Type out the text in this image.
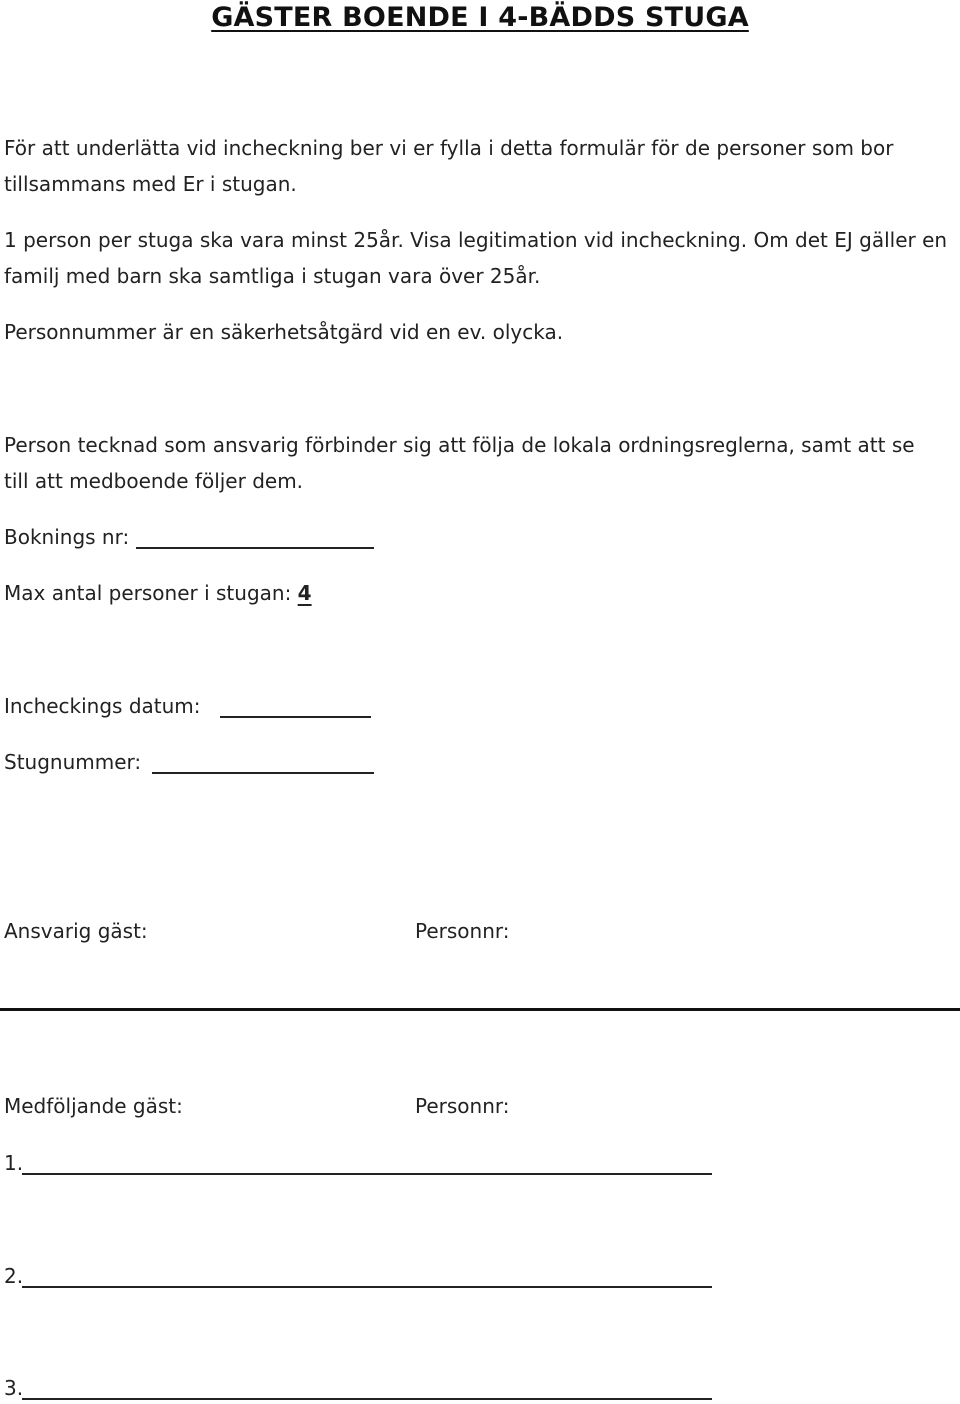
GÄSTER BOENDE I 4-BÄDDS STUGA
För att underlätta vid incheckning ber vi er fylla i detta formulär för de personer som bor
tillsammans med Er i stugan.
1 person per stuga ska vara minst 25år. Visa legitimation vid incheckning. Om det EJ gäller en
familj med barn ska samtliga i stugan vara över 25år.
Personnummer är en säkerhetsåtgärd vid en ev. olycka.
Person tecknad som ansvarig förbinder sig att följa de lokala ordningsreglerna, samt att se
till att medboende följer dem.
Boknings nr:
Max antal personer i stugan: 4
Incheckings datum:
Stugnummer:
Ansvarig gäst:	Personnr:
Medföljande gäst:	Personnr:
1.
2.
3.
